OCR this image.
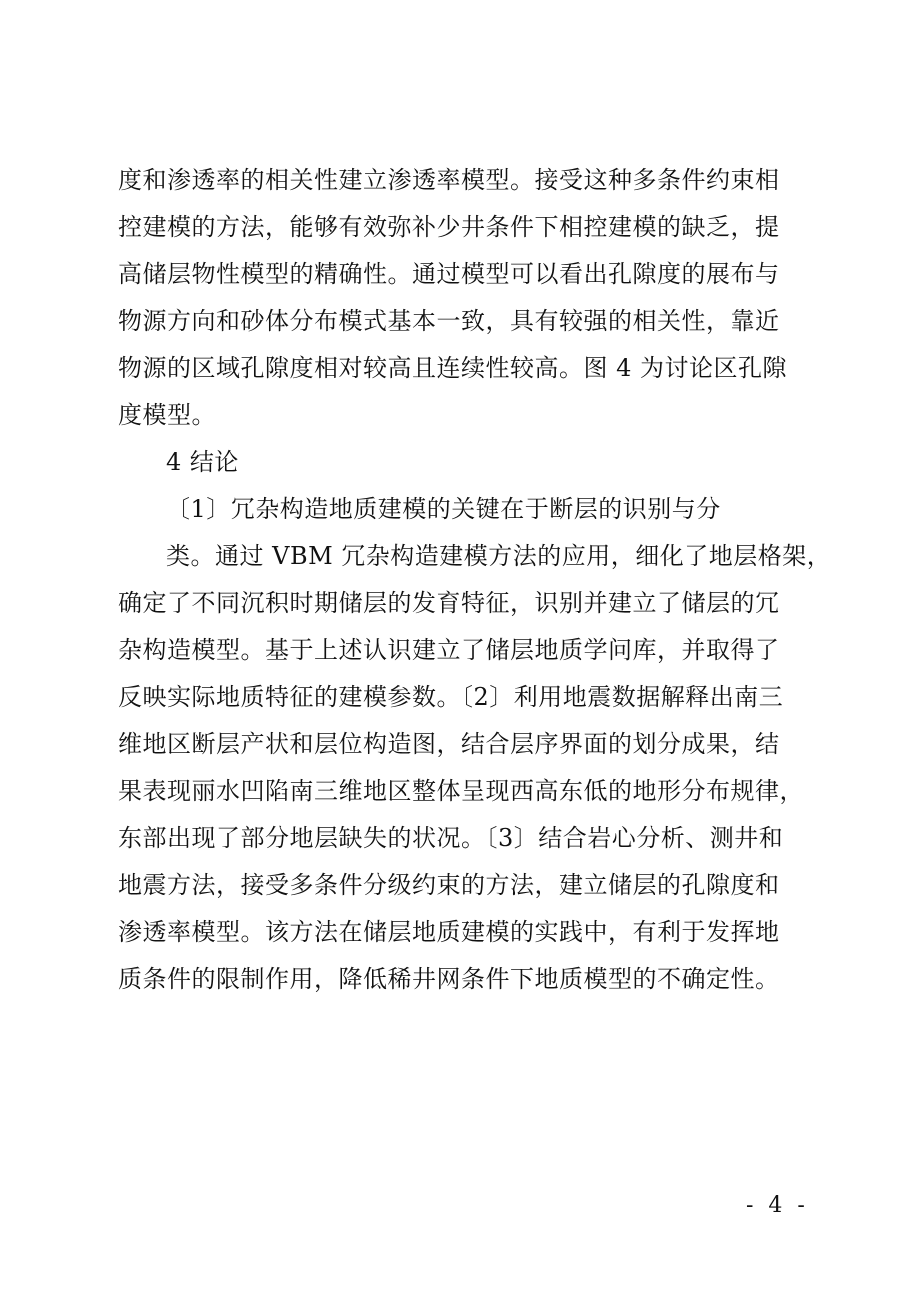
度和渗透率的相关性建立渗透率模型。接受这种多条件约束相
控建模的方法，能够有效弥补少井条件下相控建模的缺乏，提
高储层物性模型的精确性。通过模型可以看出孔隙度的展布与
物源方向和砂体分布模式基本一致，具有较强的相关性，靠近
物源的区域孔隙度相对较高且连续性较高。图 4 为讨论区孔隙
度模型。
4 结论
〔1〕冗杂构造地质建模的关键在于断层的识别与分
类。通过 VBM 冗杂构造建模方法的应用，细化了地层格架，
确定了不同沉积时期储层的发育特征，识别并建立了储层的冗
杂构造模型。基于上述认识建立了储层地质学问库，并取得了
反映实际地质特征的建模参数。〔2〕利用地震数据解释出南三
维地区断层产状和层位构造图，结合层序界面的划分成果，结
果表现丽水凹陷南三维地区整体呈现西高东低的地形分布规律，
东部出现了部分地层缺失的状况。〔3〕结合岩心分析、测井和
地震方法，接受多条件分级约束的方法，建立储层的孔隙度和
渗透率模型。该方法在储层地质建模的实践中，有利于发挥地
质条件的限制作用，降低稀井网条件下地质模型的不确定性。
- 4 -
